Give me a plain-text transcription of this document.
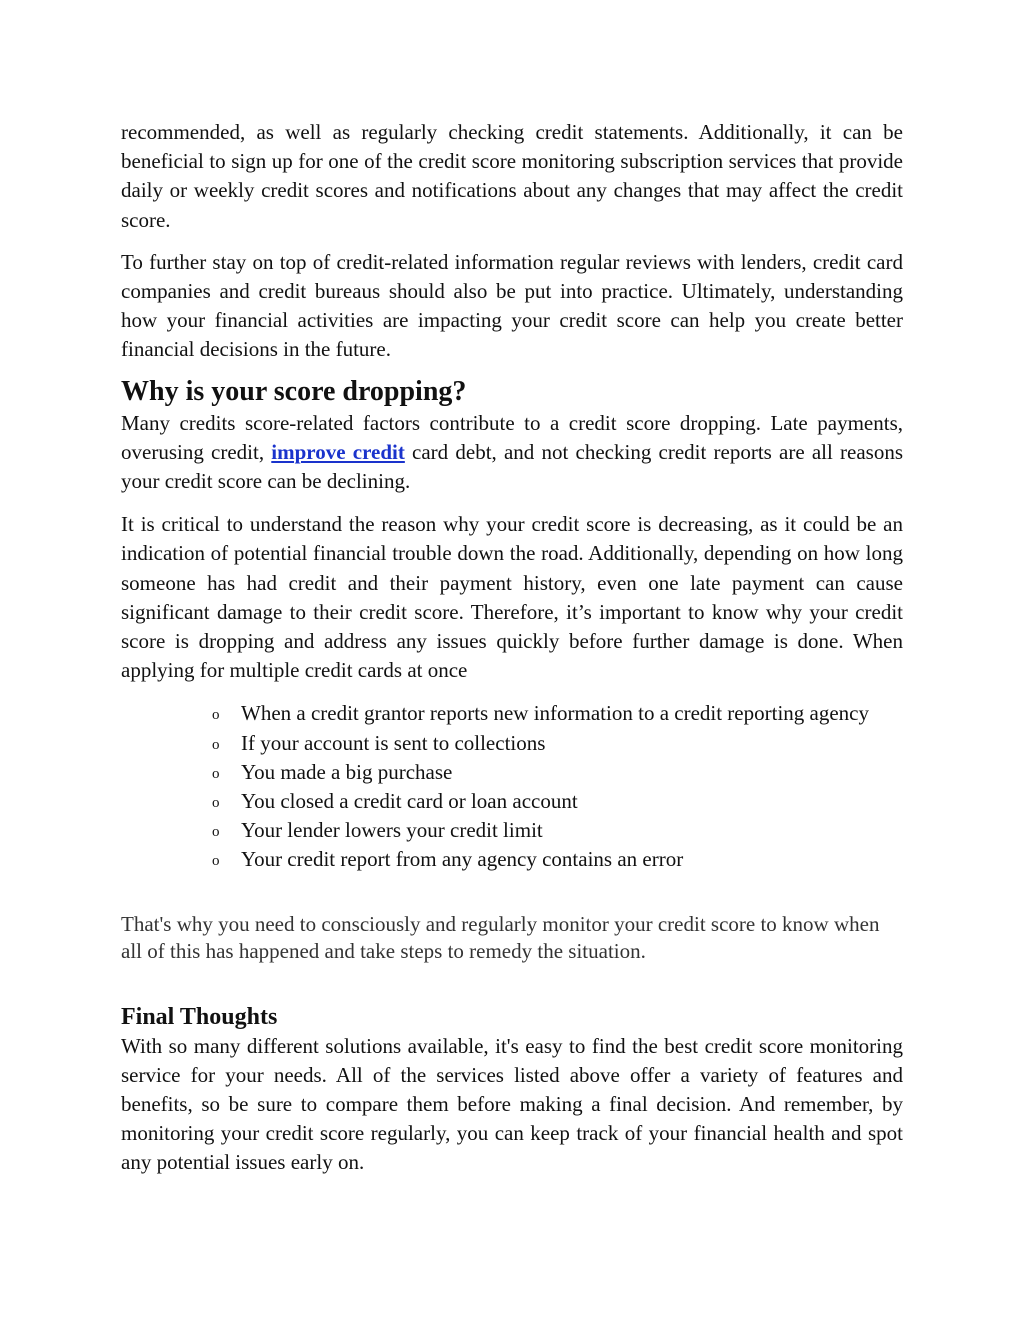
recommended, as well as regularly checking credit statements. Additionally, it can be beneficial to sign up for one of the credit score monitoring subscription services that provide daily or weekly credit scores and notifications about any changes that may affect the credit score.

To further stay on top of credit-related information regular reviews with lenders, credit card companies and credit bureaus should also be put into practice. Ultimately, understanding how your financial activities are impacting your credit score can help you create better financial decisions in the future.

Why is your score dropping?

Many credits score-related factors contribute to a credit score dropping. Late payments, overusing credit, improve credit card debt, and not checking credit reports are all reasons your credit score can be declining.

It is critical to understand the reason why your credit score is decreasing, as it could be an indication of potential financial trouble down the road. Additionally, depending on how long someone has had credit and their payment history, even one late payment can cause significant damage to their credit score. Therefore, it’s important to know why your credit score is dropping and address any issues quickly before further damage is done. When applying for multiple credit cards at once

o When a credit grantor reports new information to a credit reporting agency
o If your account is sent to collections
o You made a big purchase
o You closed a credit card or loan account
o Your lender lowers your credit limit
o Your credit report from any agency contains an error

That's why you need to consciously and regularly monitor your credit score to know when all of this has happened and take steps to remedy the situation.

Final Thoughts

With so many different solutions available, it's easy to find the best credit score monitoring service for your needs. All of the services listed above offer a variety of features and benefits, so be sure to compare them before making a final decision. And remember, by monitoring your credit score regularly, you can keep track of your financial health and spot any potential issues early on.
